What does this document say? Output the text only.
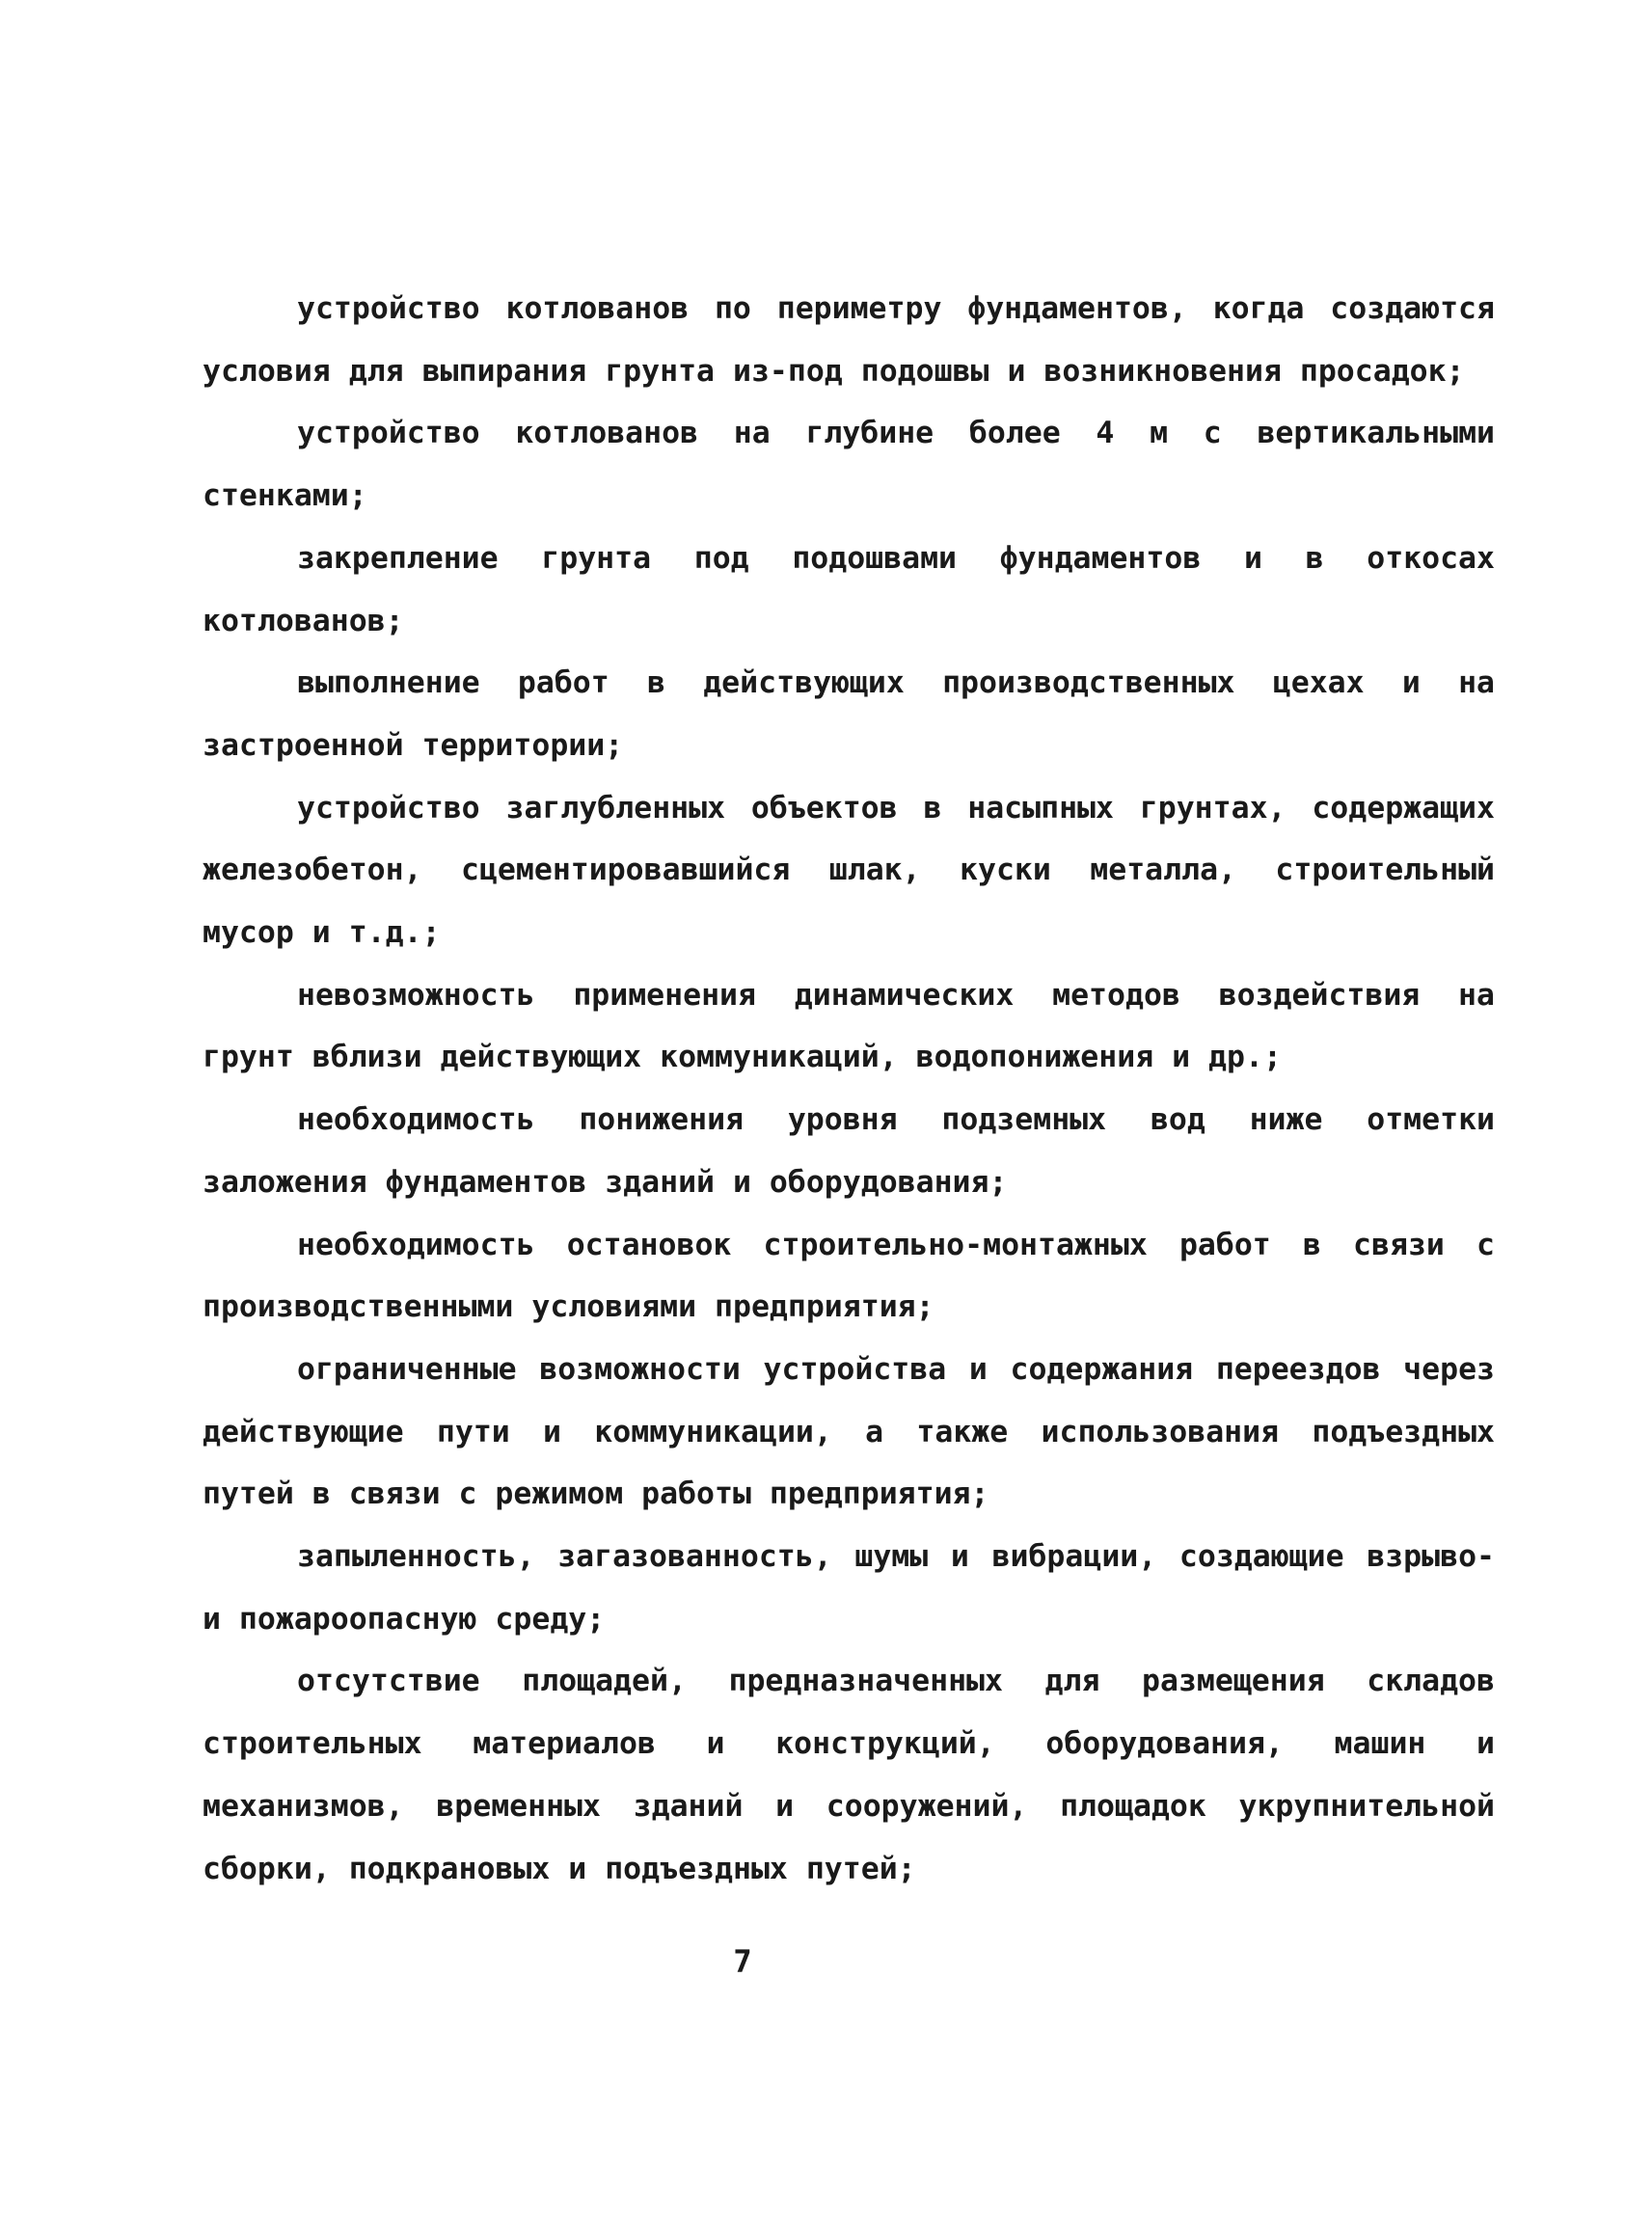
устройство котлованов по периметру фундаментов, когда создаются условия для выпирания грунта из-под подошвы и возникновения просадок;

устройство котлованов на глубине более 4 м с вертикальными стенками;

закрепление грунта под подошвами фундаментов и в откосах котлованов;

выполнение работ в действующих производственных цехах и на застроенной территории;

устройство заглубленных объектов в насыпных грунтах, содержащих железобетон, сцементировавшийся шлак, куски металла, строительный мусор и т.д.;

невозможность применения динамических методов воздействия на грунт вблизи действующих коммуникаций, водопонижения и др.;

необходимость понижения уровня подземных вод ниже отметки заложения фундаментов зданий и оборудования;

необходимость остановок строительно-монтажных работ в связи с производственными условиями предприятия;

ограниченные возможности устройства и содержания переездов через действующие пути и коммуникации, а также использования подъездных путей в связи с режимом работы предприятия;

запыленность, загазованность, шумы и вибрации, создающие взрыво- и пожароопасную среду;

отсутствие площадей, предназначенных для размещения складов строительных материалов и конструкций, оборудования, машин и механизмов, временных зданий и сооружений, площадок укрупнительной сборки, подкрановых и подъездных путей;

7
